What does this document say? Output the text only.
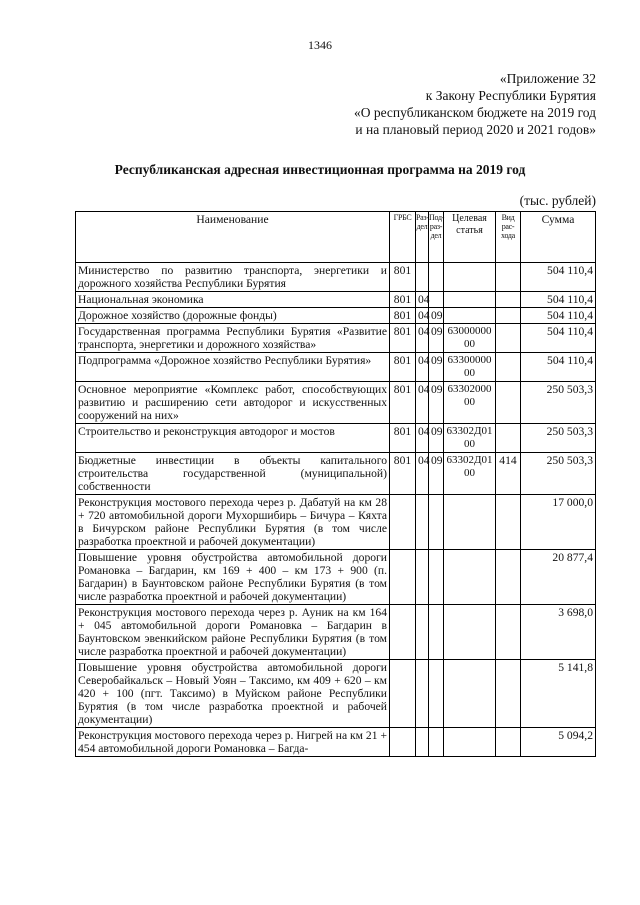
1346
«Приложение 32
к Закону Республики Бурятия
«О республиканском бюджете на 2019 год
и на плановый период 2020 и 2021 годов»
Республиканская адресная инвестиционная программа на 2019 год
(тыс. рублей)
Наименование	ГРБС	Раз-дел	Под-раз-дел	Целевая статья	Вид рас-хода	Сумма
Министерство по развитию транспорта, энергетики и дорожного хозяйства Республики Бурятия	801					504 110,4
Национальная экономика	801	04				504 110,4
Дорожное хозяйство (дорожные фонды)	801	04	09			504 110,4
Государственная программа Республики Бурятия «Развитие транспорта, энергетики и дорожного хозяйства»	801	04	09	6300000000		504 110,4
Подпрограмма «Дорожное хозяйство Республики Бурятия»	801	04	09	6330000000		504 110,4
Основное мероприятие «Комплекс работ, способствующих развитию и расширению сети автодорог и искусственных сооружений на них»	801	04	09	6330200000		250 503,3
Строительство и реконструкция автодорог и мостов	801	04	09	63302Д0100		250 503,3
Бюджетные инвестиции в объекты капитального строительства государственной (муниципальной) собственности	801	04	09	63302Д0100	414	250 503,3
Реконструкция мостового перехода через р. Дабатуй на км 28 + 720 автомобильной дороги Мухоршибирь – Бичура – Кяхта в Бичурском районе Республики Бурятия (в том числе разработка проектной и рабочей документации)						17 000,0
Повышение уровня обустройства автомобильной дороги Романовка – Багдарин, км 169 + 400 – км 173 + 900 (п. Багдарин) в Баунтовском районе Республики Бурятия (в том числе разработка проектной и рабочей документации)						20 877,4
Реконструкция мостового перехода через р. Ауник на км 164 + 045 автомобильной дороги Романовка – Багдарин в Баунтовском эвенкийском районе Республики Бурятия (в том числе разработка проектной и рабочей документации)						3 698,0
Повышение уровня обустройства автомобильной дороги Северобайкальск – Новый Уоян – Таксимо, км 409 + 620 – км 420 + 100 (пгт. Таксимо) в Муйском районе Республики Бурятия (в том числе разработка проектной и рабочей документации)						5 141,8
Реконструкция мостового перехода через р. Нигрей на км 21 + 454 автомобильной дороги Романовка – Багда-						5 094,2
